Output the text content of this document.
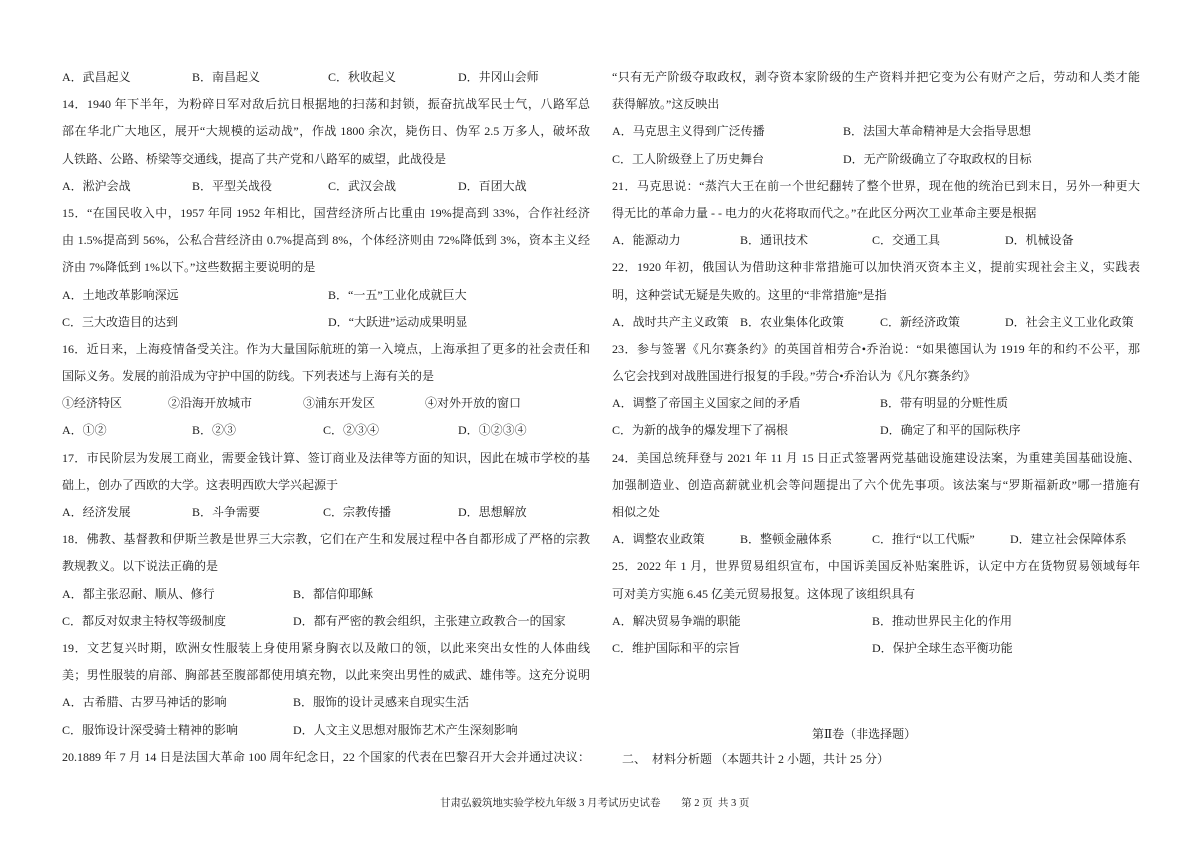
A．武昌起义	B．南昌起义	C．秋收起义	D．井冈山会师
14．1940 年下半年，为粉碎日军对敌后抗日根据地的扫荡和封锁，振奋抗战军民士气，八路军总
部在华北广大地区，展开“大规模的运动战”，作战 1800 余次，毙伤日、伪军 2.5 万多人，破坏敌
人铁路、公路、桥梁等交通线，提高了共产党和八路军的威望，此战役是
A．淞沪会战	B．平型关战役	C．武汉会战	D．百团大战
15．“在国民收入中，1957 年同 1952 年相比，国营经济所占比重由 19%提高到 33%，合作社经济
由 1.5%提高到 56%，公私合营经济由 0.7%提高到 8%，个体经济则由 72%降低到 3%，资本主义经
济由 7%降低到 1%以下。”这些数据主要说明的是
A．土地改革影响深远	B．“一五”工业化成就巨大
C．三大改造目的达到	D．“大跃进”运动成果明显
16．近日来，上海疫情备受关注。作为大量国际航班的第一入境点，上海承担了更多的社会责任和
国际义务。发展的前沿成为守护中国的防线。下列表述与上海有关的是
①经济特区	②沿海开放城市	③浦东开发区	④对外开放的窗口
A．①②	B．②③	C．②③④	D．①②③④
17．市民阶层为发展工商业，需要金钱计算、签订商业及法律等方面的知识，因此在城市学校的基
础上，创办了西欧的大学。这表明西欧大学兴起源于
A．经济发展	B．斗争需要	C．宗教传播	D．思想解放
18．佛教、基督教和伊斯兰教是世界三大宗教，它们在产生和发展过程中各自都形成了严格的宗教
教规教义。以下说法正确的是
A．都主张忍耐、顺从、修行	B．都信仰耶稣
C．都反对奴隶主特权等级制度	D．都有严密的教会组织，主张建立政教合一的国家
19．文艺复兴时期，欧洲女性服装上身使用紧身胸衣以及敞口的领，以此来突出女性的人体曲线
美；男性服装的肩部、胸部甚至腹部都使用填充物，以此来突出男性的威武、雄伟等。这充分说明
A．古希腊、古罗马神话的影响	B．服饰的设计灵感来自现实生活
C．服饰设计深受骑士精神的影响	D．人文主义思想对服饰艺术产生深刻影响
20.1889 年 7 月 14 日是法国大革命 100 周年纪念日，22 个国家的代表在巴黎召开大会并通过决议：
“只有无产阶级夺取政权，剥夺资本家阶级的生产资料并把它变为公有财产之后，劳动和人类才能
获得解放。”这反映出
A．马克思主义得到广泛传播	B．法国大革命精神是大会指导思想
C．工人阶级登上了历史舞台	D．无产阶级确立了夺取政权的目标
21．马克思说：“蒸汽大王在前一个世纪翻转了整个世界，现在他的统治已到末日，另外一种更大
得无比的革命力量 - - 电力的火花将取而代之。”在此区分两次工业革命主要是根据
A．能源动力	B．通讯技术	C．交通工具	D．机械设备
22．1920 年初，俄国认为借助这种非常措施可以加快消灭资本主义，提前实现社会主义，实践表
明，这种尝试无疑是失败的。这里的“非常措施”是指
A．战时共产主义政策 B．农业集体化政策	C．新经济政策	D．社会主义工业化政策
23．参与签署《凡尔赛条约》的英国首相劳合•乔治说：“如果德国认为 1919 年的和约不公平，那
么它会找到对战胜国进行报复的手段。”劳合•乔治认为《凡尔赛条约》
A．调整了帝国主义国家之间的矛盾	B．带有明显的分赃性质
C．为新的战争的爆发埋下了祸根	D．确定了和平的国际秩序
24．美国总统拜登与 2021 年 11 月 15 日正式签署两党基础设施建设法案，为重建美国基础设施、
加强制造业、创造高薪就业机会等问题提出了六个优先事项。该法案与“罗斯福新政”哪一措施有
相似之处
A．调整农业政策	B．整顿金融体系	C．推行“以工代赈”	D．建立社会保障体系
25．2022 年 1 月，世界贸易组织宣布，中国诉美国反补贴案胜诉，认定中方在货物贸易领域每年
可对美方实施 6.45 亿美元贸易报复。这体现了该组织具有
A．解决贸易争端的职能	B．推动世界民主化的作用
C．维护国际和平的宗旨	D．保护全球生态平衡功能
第Ⅱ卷（非选择题）
二、  材料分析题 （本题共计 2 小题，共计 25 分）
甘肃弘毅筑地实验学校九年级 3 月考试历史试卷 第 2 页  共 3 页
